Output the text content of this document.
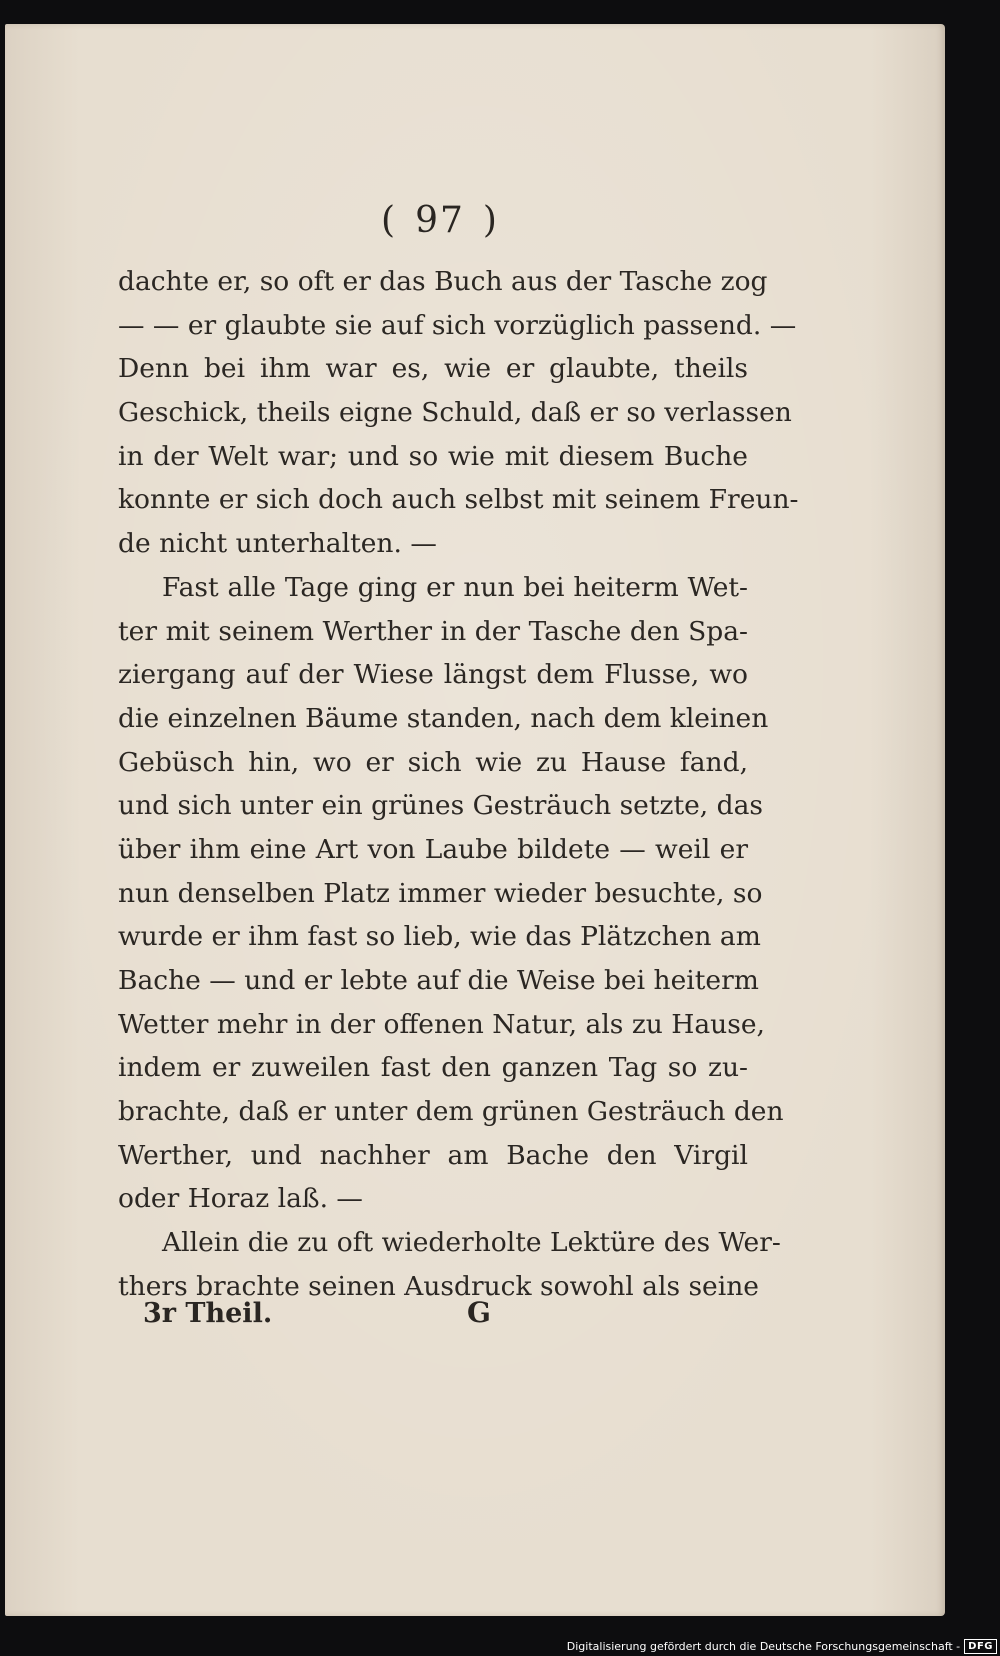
( 97 )
dachte er, so oft er das Buch aus der Tasche zog
— — er glaubte sie auf sich vorzüglich passend. —
Denn bei ihm war es, wie er glaubte, theils
Geschick, theils eigne Schuld, daß er so verlassen
in der Welt war; und so wie mit diesem Buche
konnte er sich doch auch selbst mit seinem Freun-
de nicht unterhalten. —
Fast alle Tage ging er nun bei heiterm Wet-
ter mit seinem Werther in der Tasche den Spa-
ziergang auf der Wiese längst dem Flusse, wo
die einzelnen Bäume standen, nach dem kleinen
Gebüsch hin, wo er sich wie zu Hause fand,
und sich unter ein grünes Gesträuch setzte, das
über ihm eine Art von Laube bildete — weil er
nun denselben Platz immer wieder besuchte, so
wurde er ihm fast so lieb, wie das Plätzchen am
Bache — und er lebte auf die Weise bei heiterm
Wetter mehr in der offenen Natur, als zu Hause,
indem er zuweilen fast den ganzen Tag so zu-
brachte, daß er unter dem grünen Gesträuch den
Werther, und nachher am Bache den Virgil
oder Horaz laß. —
Allein die zu oft wiederholte Lektüre des Wer-
thers brachte seinen Ausdruck sowohl als seine
3r Theil.	G
Digitalisierung gefördert durch die Deutsche Forschungsgemeinschaft - DFG
